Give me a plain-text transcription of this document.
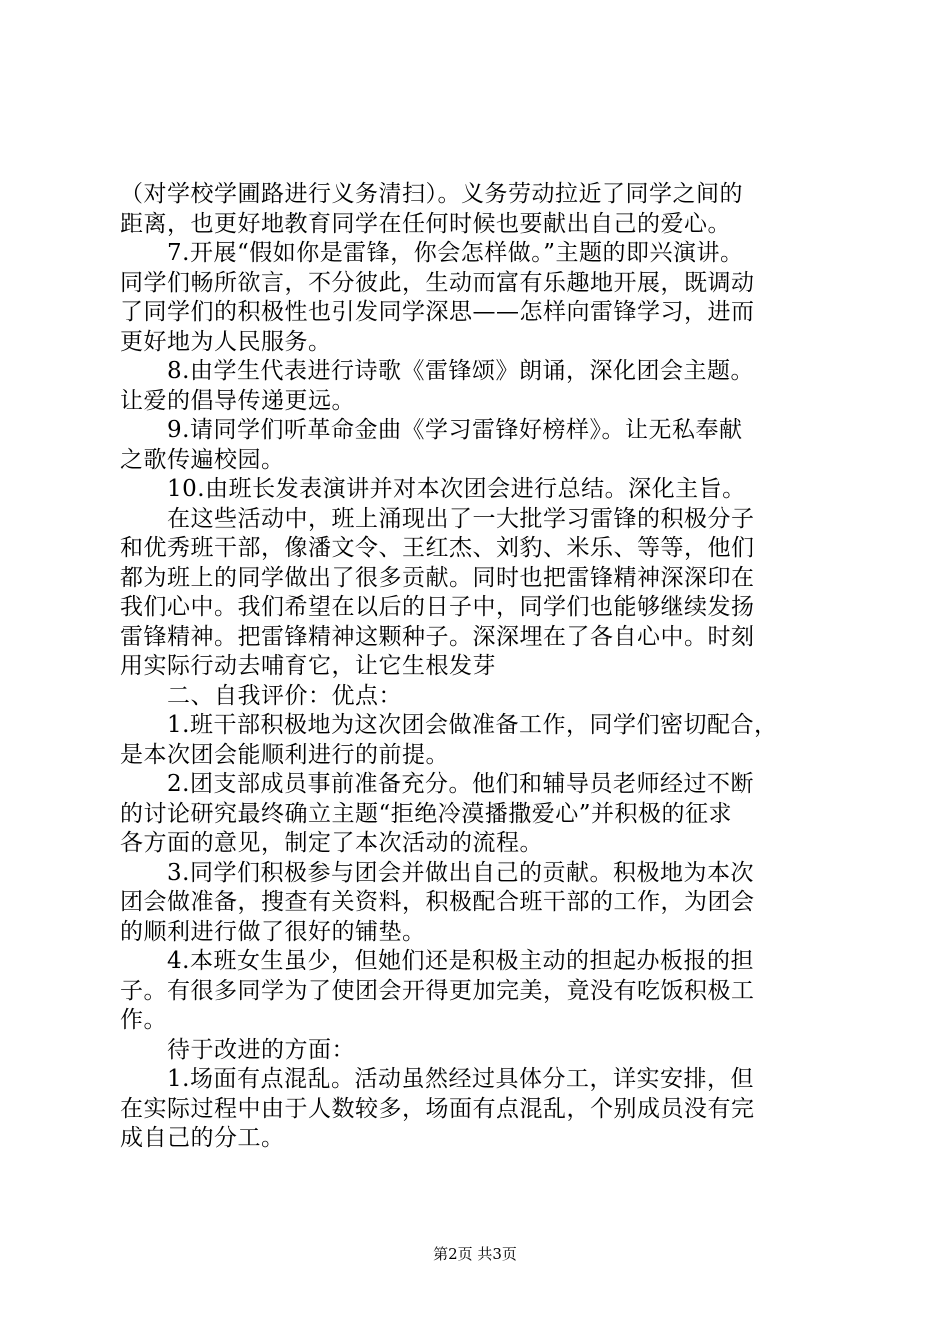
（对学校学圃路进行义务清扫）。义务劳动拉近了同学之间的

距离，也更好地教育同学在任何时候也要献出自己的爱心。

　　7.开展“假如你是雷锋，你会怎样做。”主题的即兴演讲。

同学们畅所欲言，不分彼此，生动而富有乐趣地开展，既调动

了同学们的积极性也引发同学深思——怎样向雷锋学习，进而

更好地为人民服务。

　　8.由学生代表进行诗歌《雷锋颂》朗诵，深化团会主题。

让爱的倡导传递更远。

　　9.请同学们听革命金曲《学习雷锋好榜样》。让无私奉献

之歌传遍校园。

　　10.由班长发表演讲并对本次团会进行总结。深化主旨。

　　在这些活动中，班上涌现出了一大批学习雷锋的积极分子

和优秀班干部，像潘文令、王红杰、刘豹、米乐、等等，他们

都为班上的同学做出了很多贡献。同时也把雷锋精神深深印在

我们心中。我们希望在以后的日子中，同学们也能够继续发扬

雷锋精神。把雷锋精神这颗种子。深深埋在了各自心中。时刻

用实际行动去哺育它，让它生根发芽

　　二、自我评价：优点：

　　1.班干部积极地为这次团会做准备工作，同学们密切配合，

是本次团会能顺利进行的前提。

　　2.团支部成员事前准备充分。他们和辅导员老师经过不断

的讨论研究最终确立主题“拒绝冷漠播撒爱心”并积极的征求

各方面的意见，制定了本次活动的流程。

　　3.同学们积极参与团会并做出自己的贡献。积极地为本次

团会做准备，搜查有关资料，积极配合班干部的工作，为团会

的顺利进行做了很好的铺垫。

　　4.本班女生虽少，但她们还是积极主动的担起办板报的担

子。有很多同学为了使团会开得更加完美，竟没有吃饭积极工

作。

　　待于改进的方面：

　　1.场面有点混乱。活动虽然经过具体分工，详实安排，但

在实际过程中由于人数较多，场面有点混乱，个别成员没有完

成自己的分工。

第2页 共3页
